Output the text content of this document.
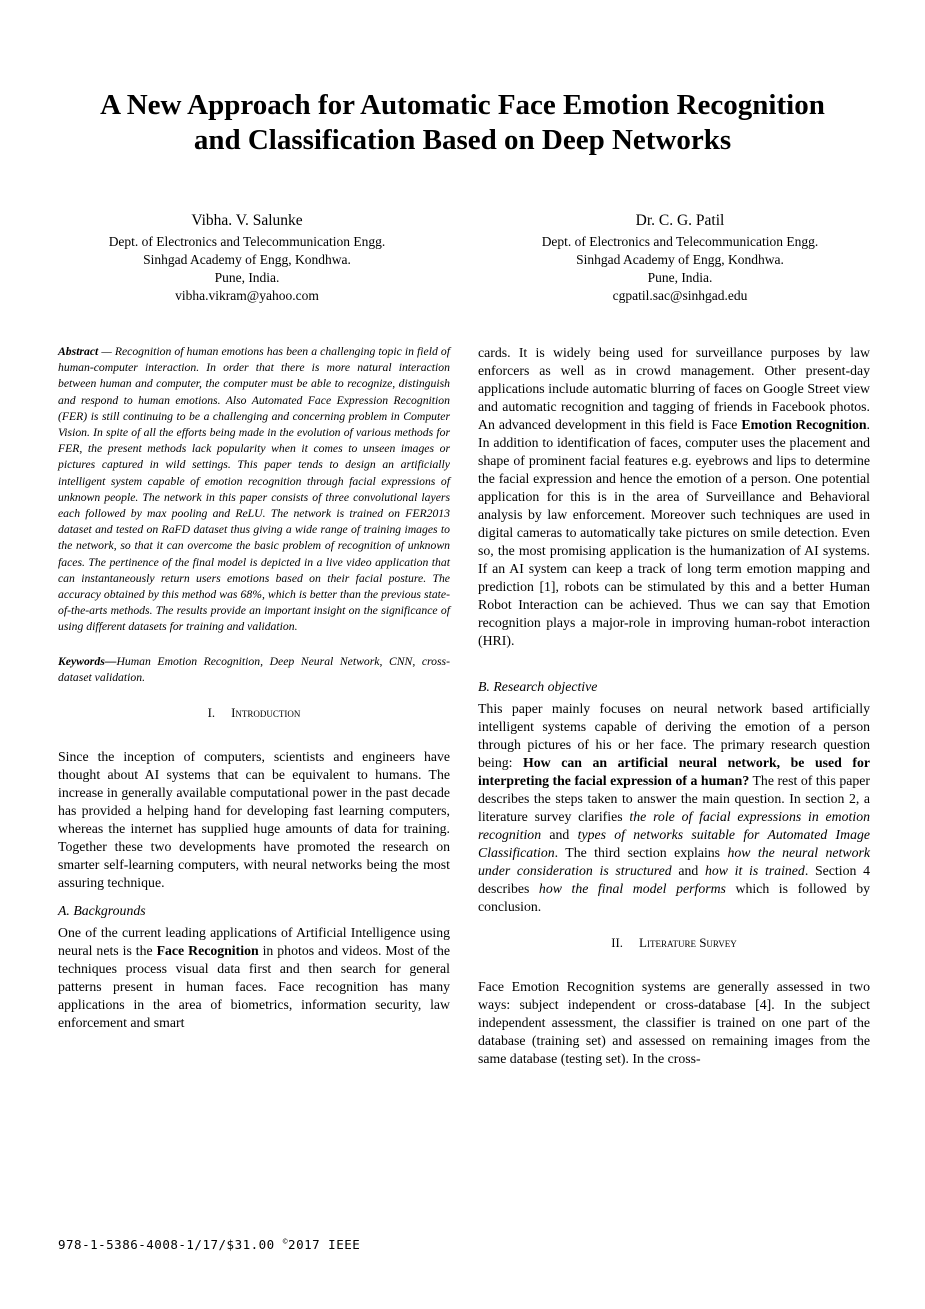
A New Approach for Automatic Face Emotion Recognition
and Classification Based on Deep Networks
Vibha. V. Salunke
Dept. of Electronics and Telecommunication Engg.
Sinhgad Academy of Engg, Kondhwa.
Pune, India.
vibha.vikram@yahoo.com
Dr. C. G. Patil
Dept. of Electronics and Telecommunication Engg.
Sinhgad Academy of Engg, Kondhwa.
Pune, India.
cgpatil.sac@sinhgad.edu
Abstract — Recognition of human emotions has been a challenging topic in field of human-computer interaction. In order that there is more natural interaction between human and computer, the computer must be able to recognize, distinguish and respond to human emotions. Also Automated Face Expression Recognition (FER) is still continuing to be a challenging and concerning problem in Computer Vision. In spite of all the efforts being made in the evolution of various methods for FER, the present methods lack popularity when it comes to unseen images or pictures captured in wild settings. This paper tends to design an artificially intelligent system capable of emotion recognition through facial expressions of unknown people. The network in this paper consists of three convolutional layers each followed by max pooling and ReLU. The network is trained on FER2013 dataset and tested on RaFD dataset thus giving a wide range of training images to the network, so that it can overcome the basic problem of recognition of unknown faces. The pertinence of the final model is depicted in a live video application that can instantaneously return users emotions based on their facial posture. The accuracy obtained by this method was 68%, which is better than the previous state-of-the-arts methods. The results provide an important insight on the significance of using different datasets for training and validation.
Keywords—Human Emotion Recognition, Deep Neural Network, CNN, cross- dataset validation.
I. Introduction

Since the inception of computers, scientists and engineers have thought about AI systems that can be equivalent to humans. The increase in generally available computational power in the past decade has provided a helping hand for developing fast learning computers, whereas the internet has supplied huge amounts of data for training. Together these two developments have promoted the research on smarter self-learning computers, with neural networks being the most assuring technique.

A. Backgrounds

One of the current leading applications of Artificial Intelligence using neural nets is the Face Recognition in photos and videos. Most of the techniques process visual data first and then search for general patterns present in human faces. Face recognition has many applications in the area of biometrics, information security, law enforcement and smart

cards. It is widely being used for surveillance purposes by law enforcers as well as in crowd management. Other present-day applications include automatic blurring of faces on Google Street view and automatic recognition and tagging of friends in Facebook photos. An advanced development in this field is Face Emotion Recognition. In addition to identification of faces, computer uses the placement and shape of prominent facial features e.g. eyebrows and lips to determine the facial expression and hence the emotion of a person. One potential application for this is in the area of Surveillance and Behavioral analysis by law enforcement. Moreover such techniques are used in digital cameras to automatically take pictures on smile detection. Even so, the most promising application is the humanization of AI systems. If an AI system can keep a track of long term emotion mapping and prediction [1], robots can be stimulated by this and a better Human Robot Interaction can be achieved. Thus we can say that Emotion recognition plays a major-role in improving human-robot interaction (HRI).

B. Research objective

This paper mainly focuses on neural network based artificially intelligent systems capable of deriving the emotion of a person through pictures of his or her face. The primary research question being: How can an artificial neural network, be used for interpreting the facial expression of a human? The rest of this paper describes the steps taken to answer the main question. In section 2, a literature survey clarifies the role of facial expressions in emotion recognition and types of networks suitable for Automated Image Classification. The third section explains how the neural network under consideration is structured and how it is trained. Section 4 describes how the final model performs which is followed by conclusion.

II. Literature Survey

Face Emotion Recognition systems are generally assessed in two ways: subject independent or cross-database [4]. In the subject independent assessment, the classifier is trained on one part of the database (training set) and assessed on remaining images from the same database (testing set). In the cross-

978-1-5386-4008-1/17/$31.00 ©2017 IEEE
